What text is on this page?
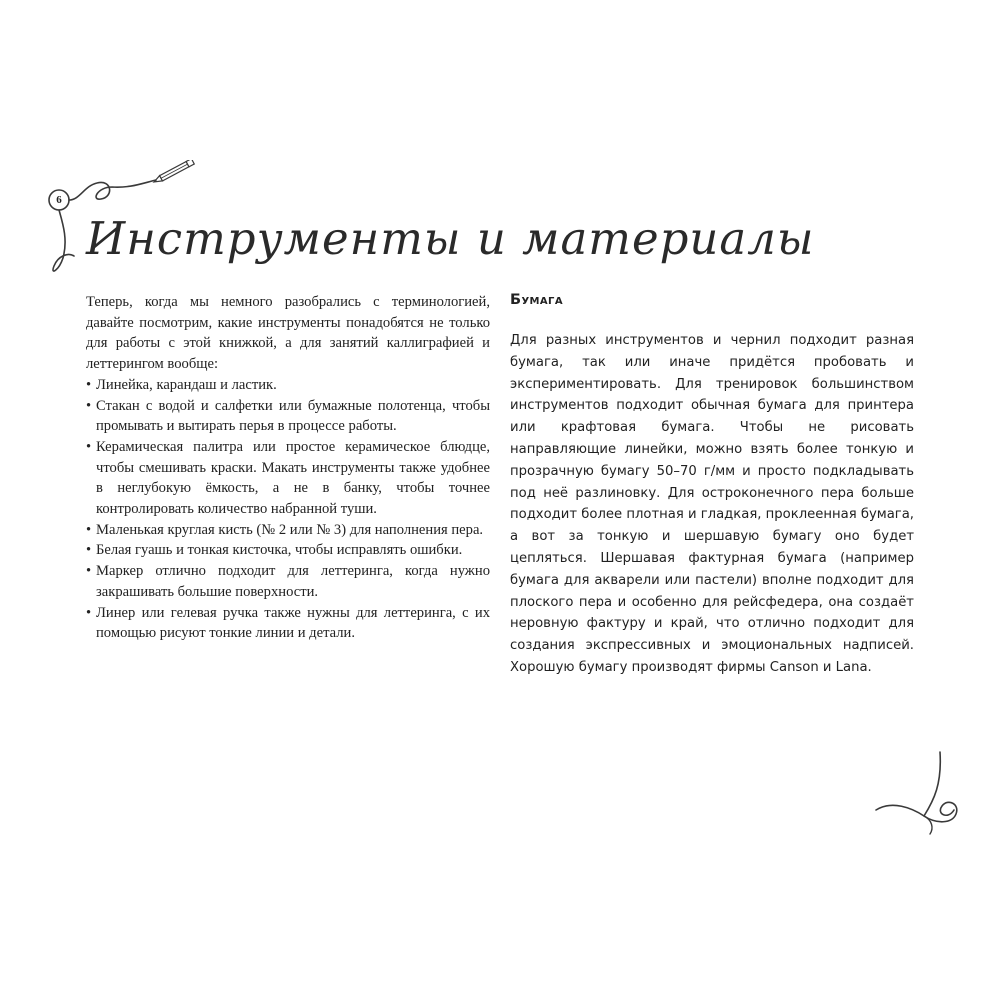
6
Инструменты и материалы

Теперь, когда мы немного разобрались с терминологией, давайте посмотрим, какие инструменты понадобятся не только для работы с этой книжкой, а для занятий каллиграфией и леттерингом вообще:

• Линейка, карандаш и ластик.
• Стакан с водой и салфетки или бумажные полотенца, чтобы промывать и вытирать перья в процессе работы.
• Керамическая палитра или простое керамическое блюдце, чтобы смешивать краски. Макать инструменты также удобнее в неглубокую ёмкость, а не в банку, чтобы точнее контролировать количество набранной туши.
• Маленькая круглая кисть (№ 2 или № 3) для наполнения пера.
• Белая гуашь и тонкая кисточка, чтобы исправлять ошибки.
• Маркер отлично подходит для леттеринга, когда нужно закрашивать большие поверхности.
• Линер или гелевая ручка также нужны для леттеринга, с их помощью рисуют тонкие линии и детали.
Бумага

Для разных инструментов и чернил подходит разная бумага, так или иначе придётся пробовать и экспериментировать. Для тренировок большинством инструментов подходит обычная бумага для принтера или крафтовая бумага. Чтобы не рисовать направляющие линейки, можно взять более тонкую и прозрачную бумагу 50–70 г/мм и просто подкладывать под неё разлиновку. Для остроконечного пера больше подходит более плотная и гладкая, проклеенная бумага, а вот за тонкую и шершавую бумагу оно будет цепляться. Шершавая фактурная бумага (например бумага для акварели или пастели) вполне подходит для плоского пера и особенно для рейсфедера, она создаёт неровную фактуру и край, что отлично подходит для создания экспрессивных и эмоциональных надписей. Хорошую бумагу производят фирмы Canson и Lana.
